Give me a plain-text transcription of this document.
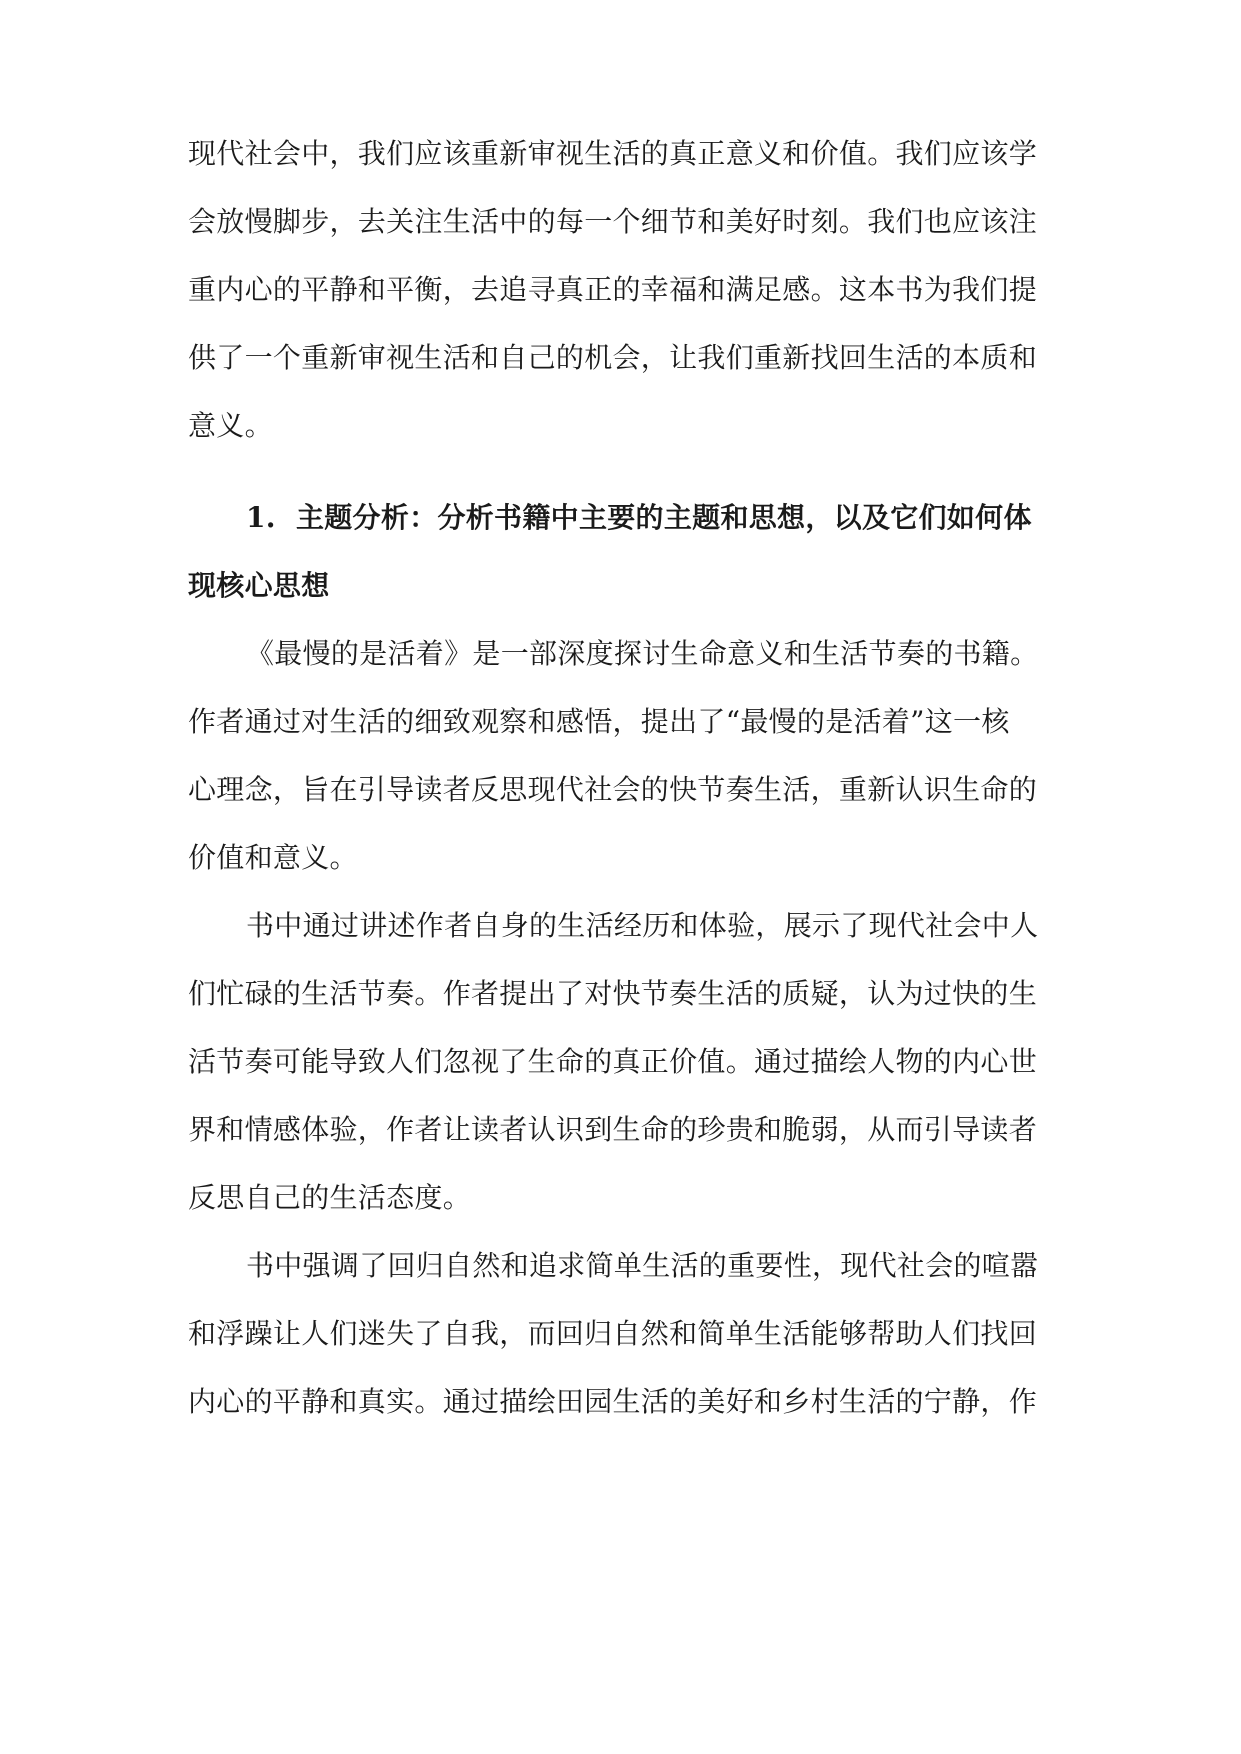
现代社会中，我们应该重新审视生活的真正意义和价值。我们应该学
会放慢脚步，去关注生活中的每一个细节和美好时刻。我们也应该注
重内心的平静和平衡，去追寻真正的幸福和满足感。这本书为我们提
供了一个重新审视生活和自己的机会，让我们重新找回生活的本质和
意义。
1. 主题分析：分析书籍中主要的主题和思想，以及它们如何体
现核心思想
《最慢的是活着》是一部深度探讨生命意义和生活节奏的书籍。
作者通过对生活的细致观察和感悟，提出了“最慢的是活着”这一核
心理念，旨在引导读者反思现代社会的快节奏生活，重新认识生命的
价值和意义。
书中通过讲述作者自身的生活经历和体验，展示了现代社会中人
们忙碌的生活节奏。作者提出了对快节奏生活的质疑，认为过快的生
活节奏可能导致人们忽视了生命的真正价值。通过描绘人物的内心世
界和情感体验，作者让读者认识到生命的珍贵和脆弱，从而引导读者
反思自己的生活态度。
书中强调了回归自然和追求简单生活的重要性，现代社会的喧嚣
和浮躁让人们迷失了自我，而回归自然和简单生活能够帮助人们找回
内心的平静和真实。通过描绘田园生活的美好和乡村生活的宁静，作
